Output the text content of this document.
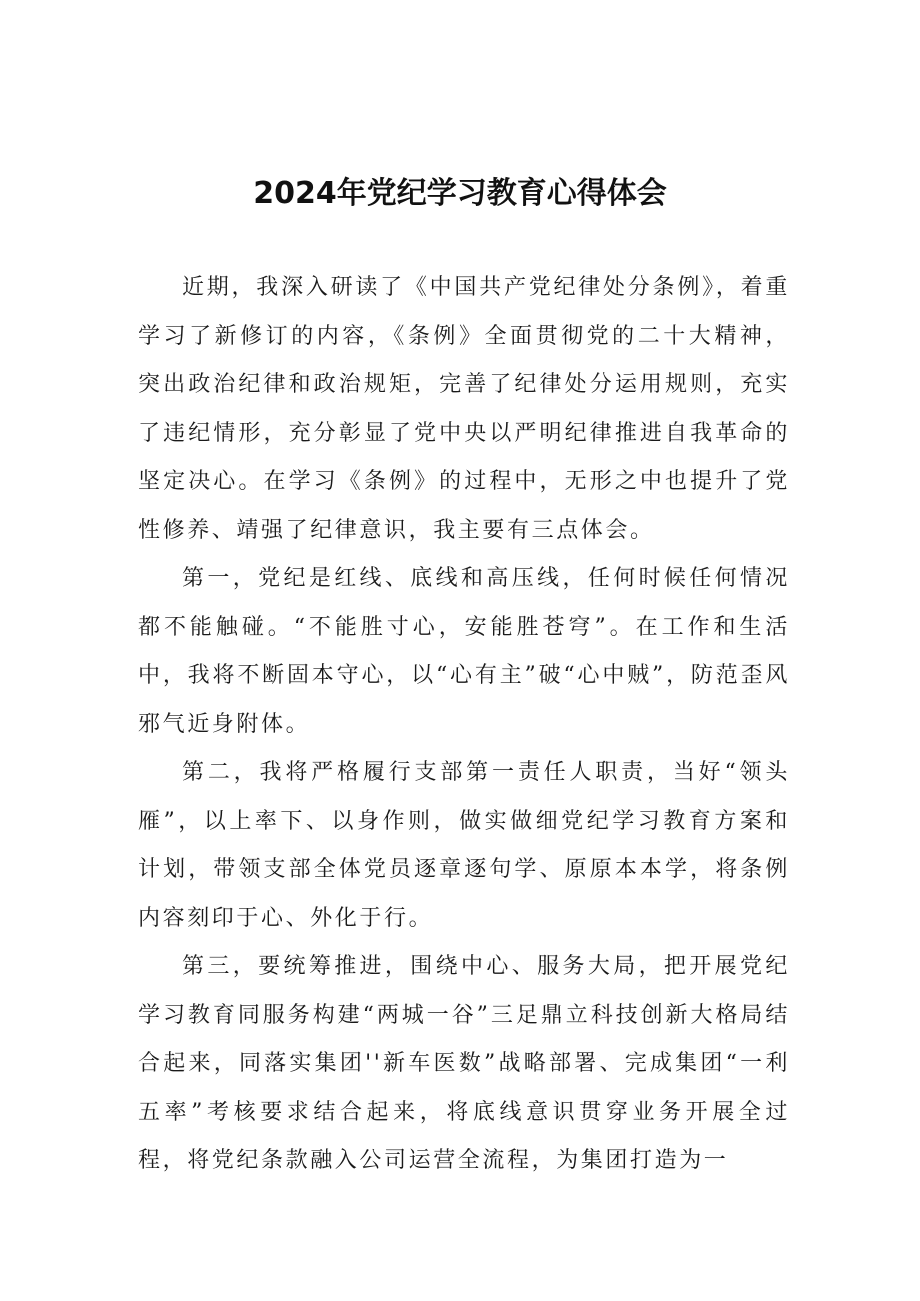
2024年党纪学习教育心得体会

近期，我深入研读了《中国共产党纪律处分条例》，着重学习了新修订的内容，《条例》全面贯彻党的二十大精神，突出政治纪律和政治规矩，完善了纪律处分运用规则，充实了违纪情形，充分彰显了党中央以严明纪律推进自我革命的坚定决心。在学习《条例》的过程中，无形之中也提升了党性修养、靖强了纪律意识，我主要有三点体会。

第一，党纪是红线、底线和高压线，任何时候任何情况都不能触碰。“不能胜寸心，安能胜苍穹”。在工作和生活中，我将不断固本守心，以“心有主”破“心中贼”，防范歪风邪气近身附体。

第二，我将严格履行支部第一责任人职责，当好“领头雁”，以上率下、以身作则，做实做细党纪学习教育方案和计划，带领支部全体党员逐章逐句学、原原本本学，将条例内容刻印于心、外化于行。

第三，要统筹推进，围绕中心、服务大局，把开展党纪学习教育同服务构建“两城一谷”三足鼎立科技创新大格局结合起来，同落实集团''新车医数”战略部署、完成集团“一利五率”考核要求结合起来，将底线意识贯穿业务开展全过程，将党纪条款融入公司运营全流程，为集团打造为一
